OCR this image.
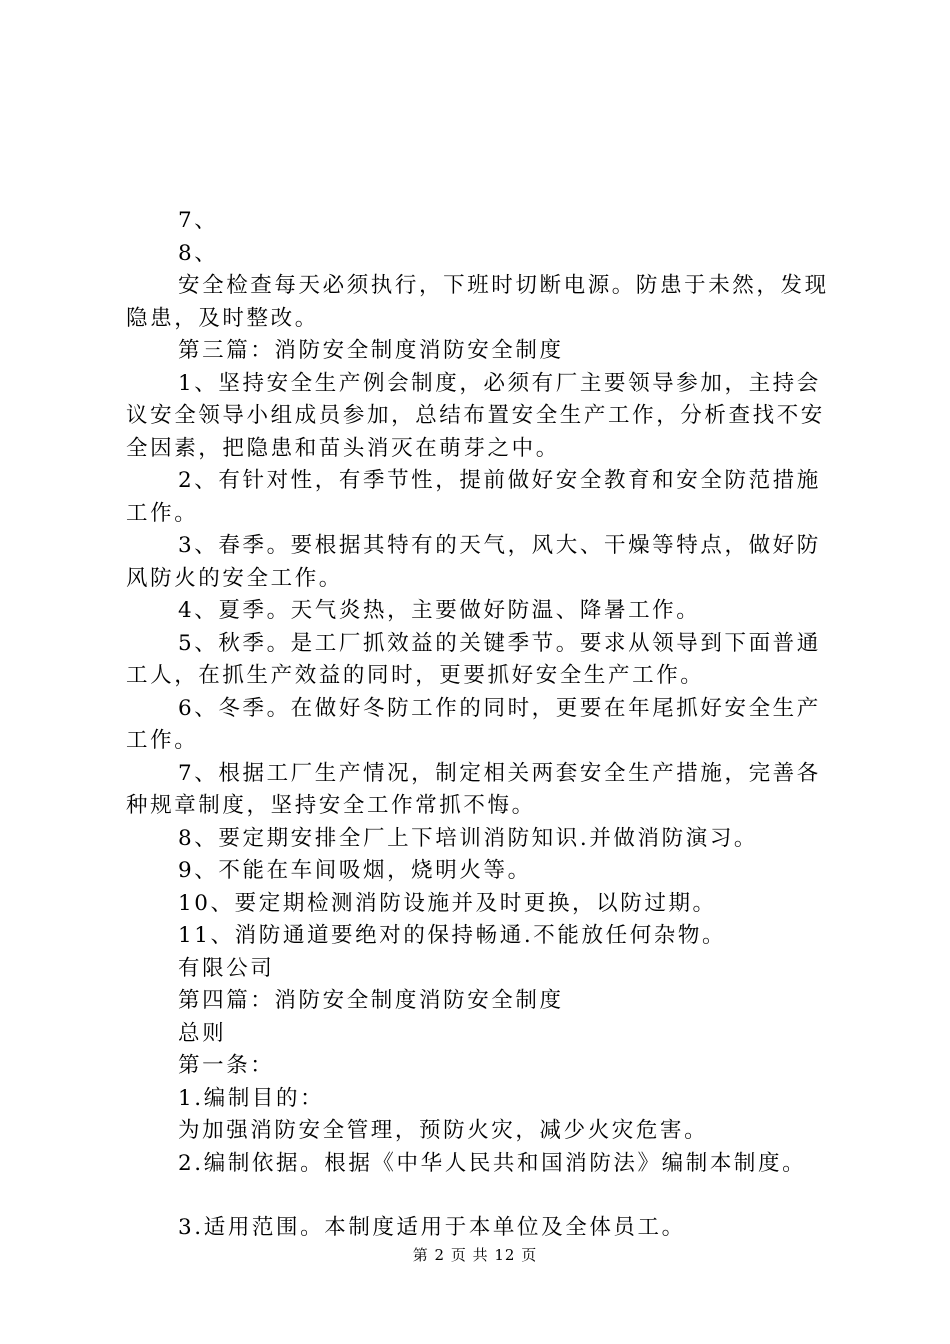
7、

8、

安全检查每天必须执行，下班时切断电源。防患于未然，发现隐患，及时整改。

第三篇：消防安全制度消防安全制度

1、坚持安全生产例会制度，必须有厂主要领导参加，主持会议安全领导小组成员参加，总结布置安全生产工作，分析查找不安全因素，把隐患和苗头消灭在萌芽之中。

2、有针对性，有季节性，提前做好安全教育和安全防范措施工作。

3、春季。要根据其特有的天气，风大、干燥等特点，做好防风防火的安全工作。

4、夏季。天气炎热，主要做好防温、降暑工作。

5、秋季。是工厂抓效益的关键季节。要求从领导到下面普通工人，在抓生产效益的同时，更要抓好安全生产工作。

6、冬季。在做好冬防工作的同时，更要在年尾抓好安全生产工作。

7、根据工厂生产情况，制定相关两套安全生产措施，完善各种规章制度，坚持安全工作常抓不悔。

8、要定期安排全厂上下培训消防知识.并做消防演习。

9、不能在车间吸烟，烧明火等。

10、要定期检测消防设施并及时更换，以防过期。

11、消防通道要绝对的保持畅通.不能放任何杂物。

有限公司

第四篇：消防安全制度消防安全制度

总则

第一条：

1.编制目的：

为加强消防安全管理，预防火灾，减少火灾危害。

2.编制依据。根据《中华人民共和国消防法》编制本制度。

3.适用范围。本制度适用于本单位及全体员工。

第 2 页 共 12 页
